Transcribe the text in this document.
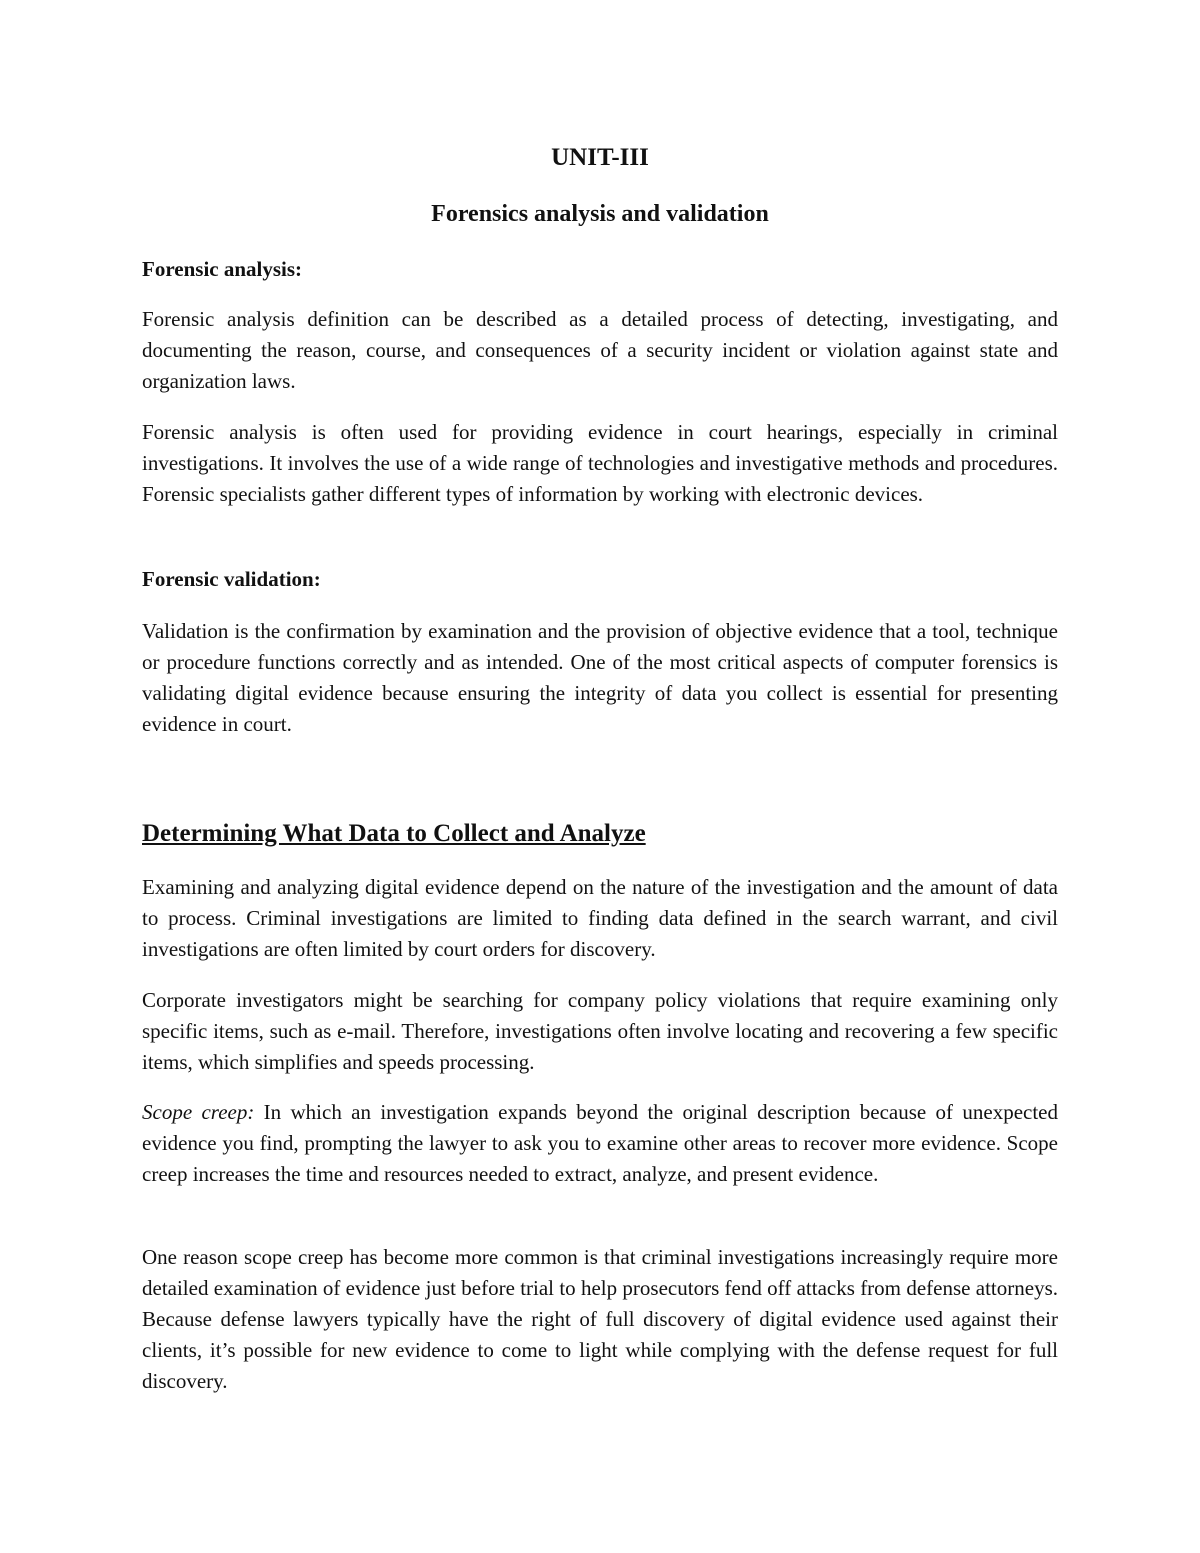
UNIT-III
Forensics analysis and validation
Forensic analysis:

Forensic analysis definition can be described as a detailed process of detecting, investigating, and documenting the reason, course, and consequences of a security incident or violation against state and organization laws.

Forensic analysis is often used for providing evidence in court hearings, especially in criminal investigations. It involves the use of a wide range of technologies and investigative methods and procedures. Forensic specialists gather different types of information by working with electronic devices.

Forensic validation:

Validation is the confirmation by examination and the provision of objective evidence that a tool, technique or procedure functions correctly and as intended. One of the most critical aspects of computer forensics is validating digital evidence because ensuring the integrity of data you collect is essential for presenting evidence in court.

Determining What Data to Collect and Analyze

Examining and analyzing digital evidence depend on the nature of the investigation and the amount of data to process. Criminal investigations are limited to finding data defined in the search warrant, and civil investigations are often limited by court orders for discovery.

Corporate investigators might be searching for company policy violations that require examining only specific items, such as e-mail. Therefore, investigations often involve locating and recovering a few specific items, which simplifies and speeds processing.

Scope creep: In which an investigation expands beyond the original description because of unexpected evidence you find, prompting the lawyer to ask you to examine other areas to recover more evidence. Scope creep increases the time and resources needed to extract, analyze, and present evidence.

One reason scope creep has become more common is that criminal investigations increasingly require more detailed examination of evidence just before trial to help prosecutors fend off attacks from defense attorneys. Because defense lawyers typically have the right of full discovery of digital evidence used against their clients, it’s possible for new evidence to come to light while complying with the defense request for full discovery.
